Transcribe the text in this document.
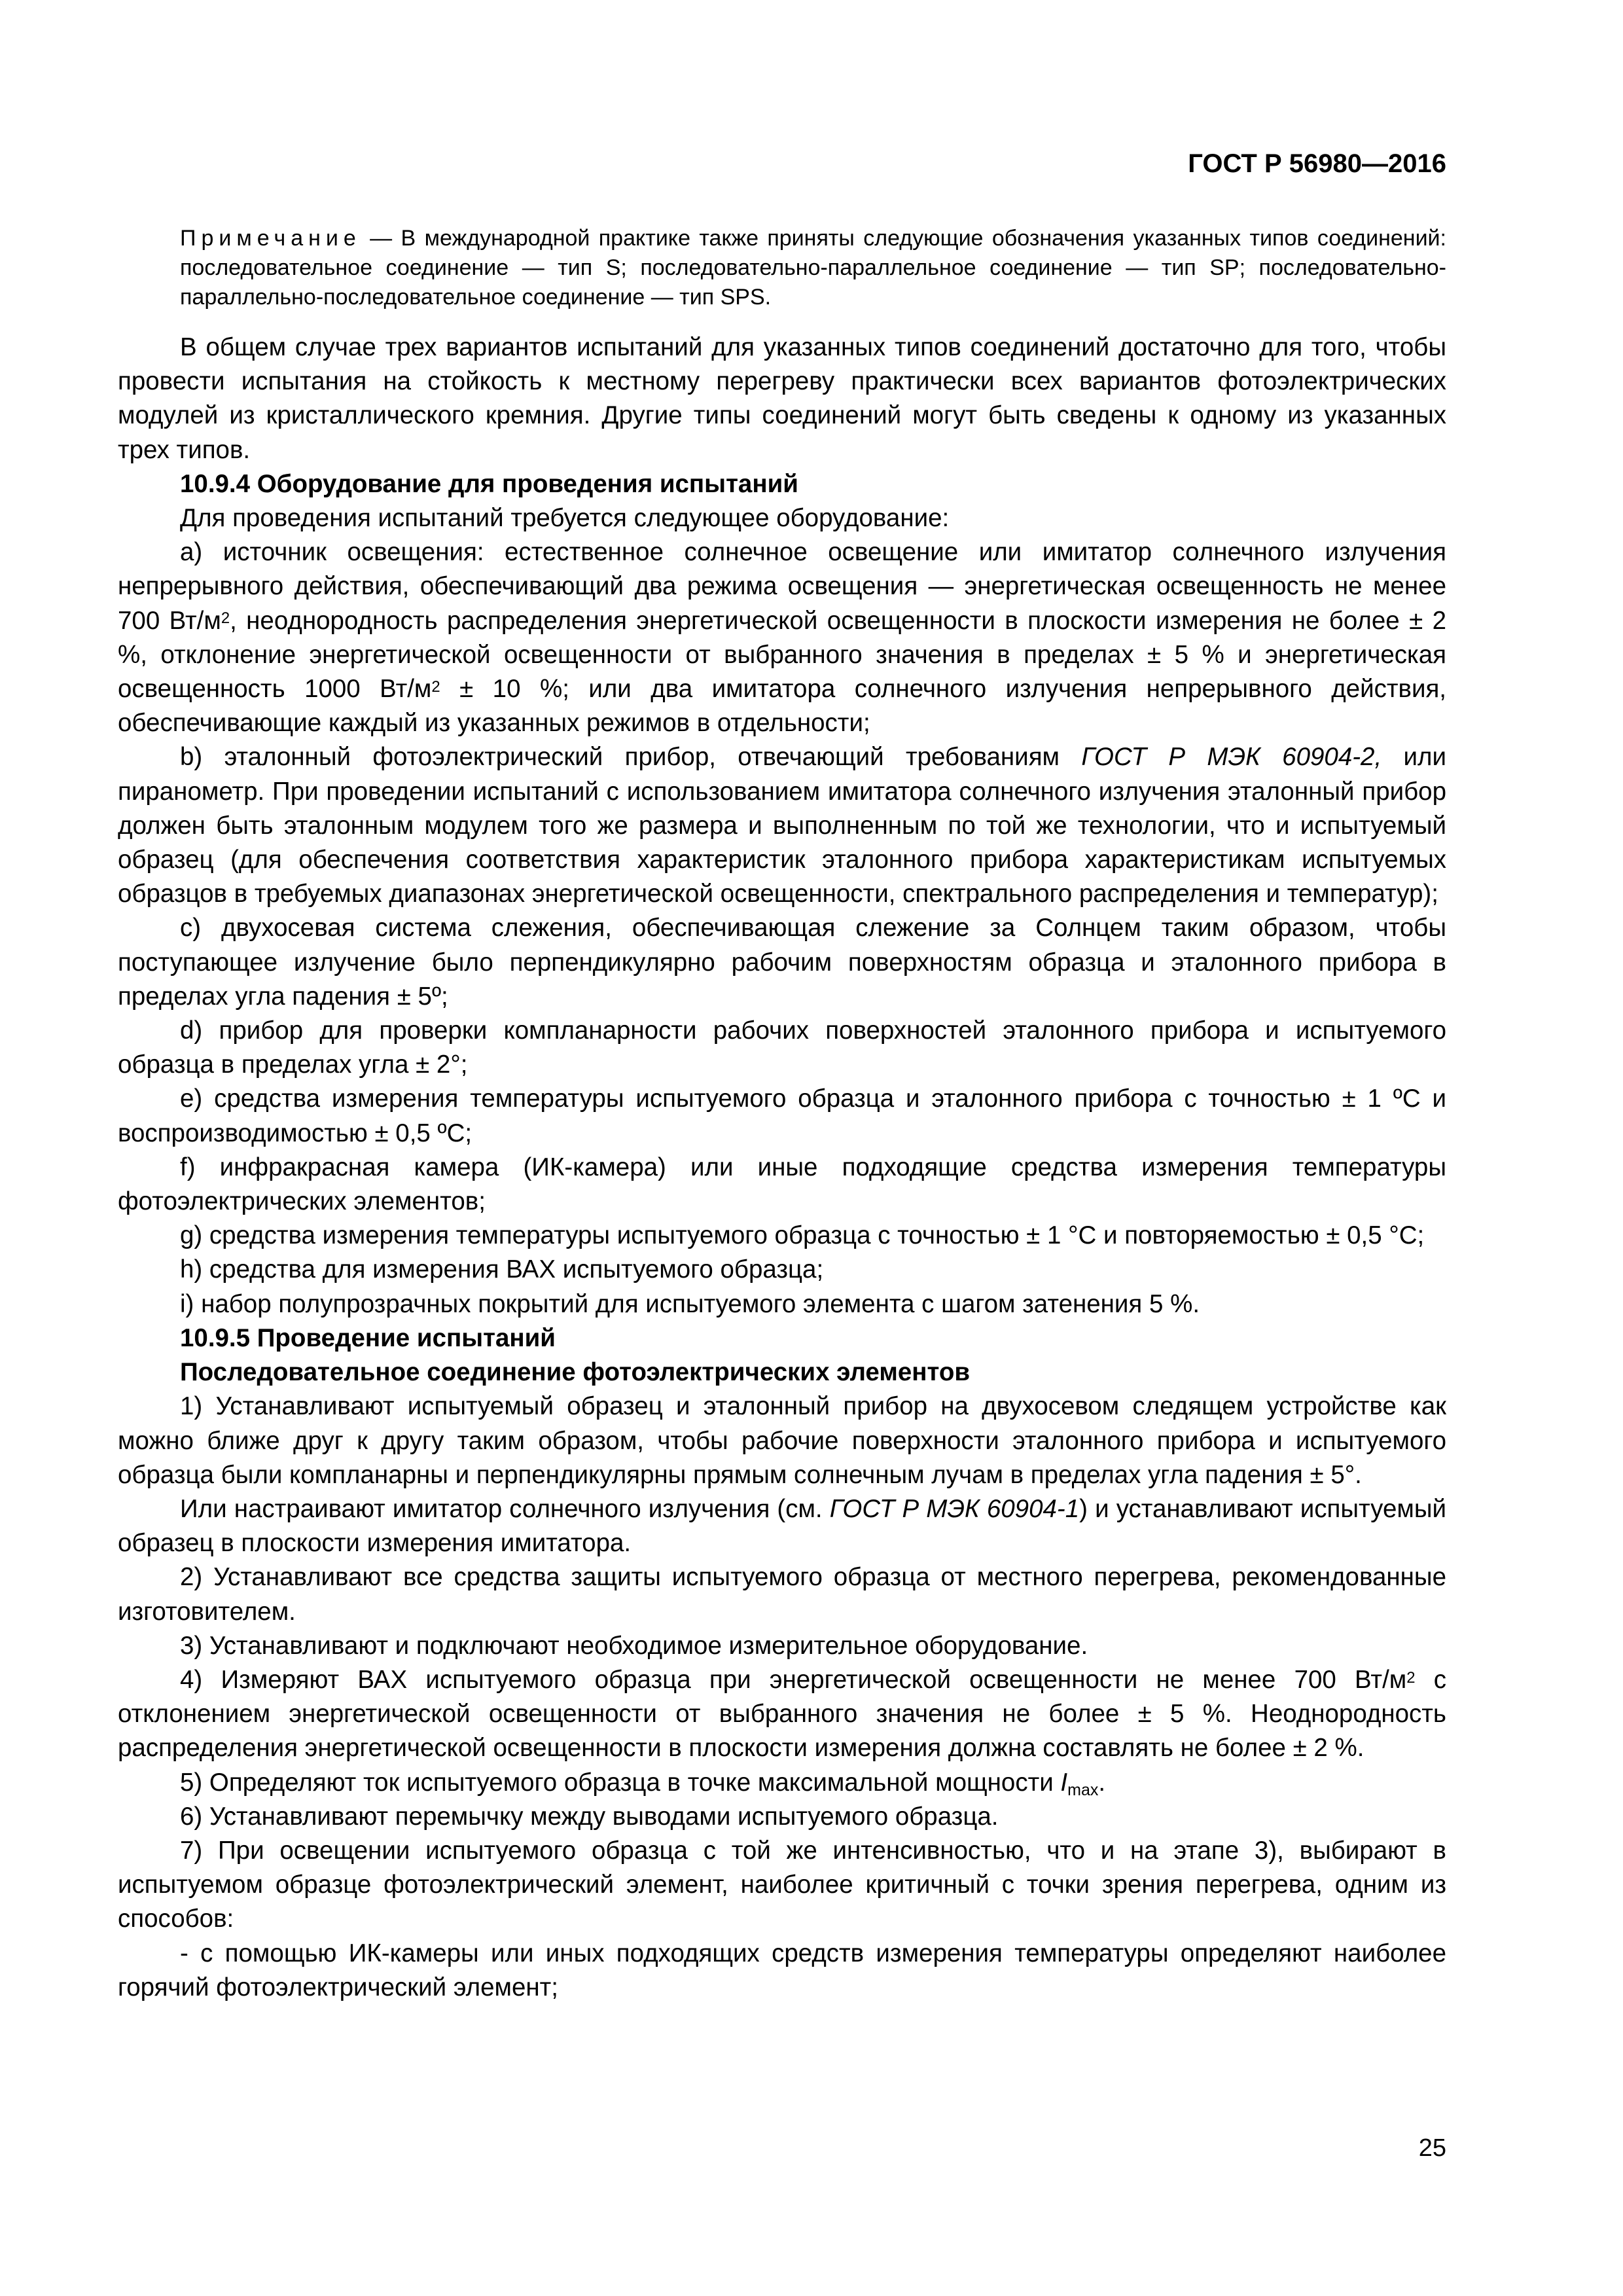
ГОСТ Р 56980—2016
Примечание — В международной практике также приняты следующие обозначения указанных типов соединений: последовательное соединение — тип S; последовательно-параллельное соединение — тип SP; последовательно-параллельно-последовательное соединение — тип SPS.

В общем случае трех вариантов испытаний для указанных типов соединений достаточно для того, чтобы провести испытания на стойкость к местному перегреву практически всех вариантов фотоэлектрических модулей из кристаллического кремния. Другие типы соединений могут быть сведены к одному из указанных трех типов.

10.9.4 Оборудование для проведения испытаний

Для проведения испытаний требуется следующее оборудование:

а) источник освещения: естественное солнечное освещение или имитатор солнечного излучения непрерывного действия, обеспечивающий два режима освещения — энергетическая освещенность не менее 700 $Вт/м^2$, неоднородность распределения энергетической освещенности в плоскости измерения не более ± 2 %, отклонение энергетической освещенности от выбранного значения в пределах ± 5 % и энергетическая освещенность 1000 $Вт/м^2 \pm 10$ %; или два имитатора солнечного излучения непрерывного действия, обеспечивающие каждый из указанных режимов в отдельности;

b) эталонный фотоэлектрический прибор, отвечающий требованиям ГОСТ Р МЭК 60904-2, или пиранометр. При проведении испытаний с использованием имитатора солнечного излучения эталонный прибор должен быть эталонным модулем того же размера и выполненным по той же технологии, что и испытуемый образец (для обеспечения соответствия характеристик эталонного прибора характеристикам испытуемых образцов в требуемых диапазонах энергетической освещенности, спектрального распределения и температур);

с) двухосевая система слежения, обеспечивающая слежение за Солнцем таким образом, чтобы поступающее излучение было перпендикулярно рабочим поверхностям образца и эталонного прибора в пределах угла падения ± 5º;

d) прибор для проверки компланарности рабочих поверхностей эталонного прибора и испытуемого образца в пределах угла ± 2°;

е) средства измерения температуры испытуемого образца и эталонного прибора с точностью ± 1 ºС и воспроизводимостью ± 0,5 ºС;

f) инфракрасная камера (ИК-камера) или иные подходящие средства измерения температуры фотоэлектрических элементов;

g) средства измерения температуры испытуемого образца с точностью ± 1 °С и повторяемостью ± 0,5 °С;

h) средства для измерения ВАХ испытуемого образца;

i) набор полупрозрачных покрытий для испытуемого элемента с шагом затенения 5 %.

10.9.5 Проведение испытаний

Последовательное соединение фотоэлектрических элементов

1) Устанавливают испытуемый образец и эталонный прибор на двухосевом следящем устройстве как можно ближе друг к другу таким образом, чтобы рабочие поверхности эталонного прибора и испытуемого образца были компланарны и перпендикулярны прямым солнечным лучам в пределах угла падения ± 5°.

Или настраивают имитатор солнечного излучения (см. ГОСТ Р МЭК 60904-1) и устанавливают испытуемый образец в плоскости измерения имитатора.

2) Устанавливают все средства защиты испытуемого образца от местного перегрева, рекомендованные изготовителем.

3) Устанавливают и подключают необходимое измерительное оборудование.

4) Измеряют ВАХ испытуемого образца при энергетической освещенности не менее 700 $Вт/м^2$ с отклонением энергетической освещенности от выбранного значения не более ± 5 %. Неоднородность распределения энергетической освещенности в плоскости измерения должна составлять не более ± 2 %.

5) Определяют ток испытуемого образца в точке максимальной мощности $I_{max}$.

6) Устанавливают перемычку между выводами испытуемого образца.

7) При освещении испытуемого образца с той же интенсивностью, что и на этапе 3), выбирают в испытуемом образце фотоэлектрический элемент, наиболее критичный с точки зрения перегрева, одним из способов:

- с помощью ИК-камеры или иных подходящих средств измерения температуры определяют наиболее горячий фотоэлектрический элемент;

25
